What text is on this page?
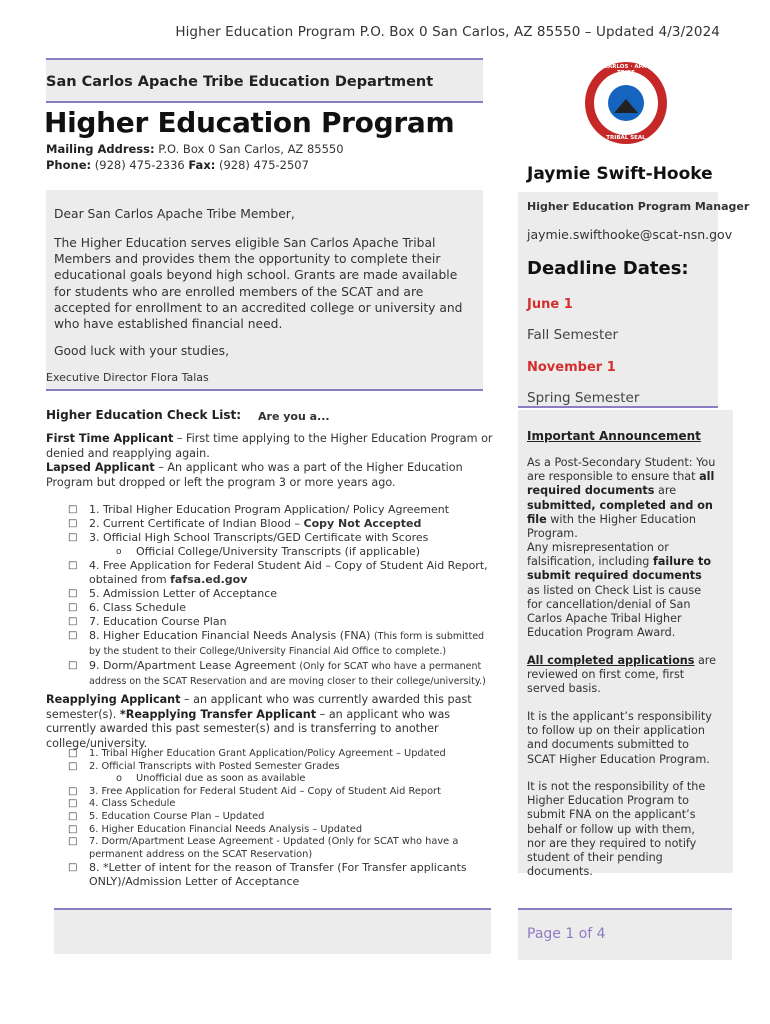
Higher Education Program P.O. Box 0 San Carlos, AZ 85550 – Updated 4/3/2024
San Carlos Apache Tribe Education Department
Higher Education Program
Mailing Address: P.O. Box 0 San Carlos, AZ 85550
Phone: (928) 475-2336 Fax: (928) 475-2507
Dear San Carlos Apache Tribe Member,
The Higher Education serves eligible San Carlos Apache Tribal Members and provides them the opportunity to complete their educational goals beyond high school. Grants are made available for students who are enrolled members of the SCAT and are accepted for enrollment to an accredited college or university and who have established financial need.
Good luck with your studies,
Executive Director Flora Talas
SAN CARLOS · APACHE ·
TRIBAL SEAL
Jaymie Swift-Hooke
Higher Education Program Manager
jaymie.swifthooke@scat-nsn.gov
Deadline Dates:
June 1
Fall Semester
November 1
Spring Semester
Higher Education Check List: Are you a...
First Time Applicant – First time applying to the Higher Education Program or denied and reapplying again.
Lapsed Applicant – An applicant who was a part of the Higher Education Program but dropped or left the program 3 or more years ago.
□	1. Tribal Higher Education Program Application/ Policy Agreement
□	2. Current Certificate of Indian Blood – Copy Not Accepted
□	3. Official High School Transcripts/GED Certificate with Scores
o	Official College/University Transcripts (if applicable)
□	4. Free Application for Federal Student Aid – Copy of Student Aid Report, obtained from fafsa.ed.gov
□	5. Admission Letter of Acceptance
□	6. Class Schedule
□	7. Education Course Plan
□	8. Higher Education Financial Needs Analysis (FNA) (This form is submitted by the student to their College/University Financial Aid Office to complete.)
□	9. Dorm/Apartment Lease Agreement (Only for SCAT who have a permanent address on the SCAT Reservation and are moving closer to their college/university.)
Reapplying Applicant – an applicant who was currently awarded this past semester(s). *Reapplying Transfer Applicant – an applicant who was currently awarded this past semester(s) and is transferring to another college/university.
□	1. Tribal Higher Education Grant Application/Policy Agreement – Updated
□	2. Official Transcripts with Posted Semester Grades
o	Unofficial due as soon as available
□	3. Free Application for Federal Student Aid – Copy of Student Aid Report
□	4. Class Schedule
□	5. Education Course Plan – Updated
□	6. Higher Education Financial Needs Analysis – Updated
□	7. Dorm/Apartment Lease Agreement - Updated (Only for SCAT who have a permanent address on the SCAT Reservation)
□	8. *Letter of intent for the reason of Transfer (For Transfer applicants ONLY)/Admission Letter of Acceptance
Important Announcement
As a Post-Secondary Student: You are responsible to ensure that all required documents are submitted, completed and on file with the Higher Education Program.
Any misrepresentation or falsification, including failure to submit required documents as listed on Check List is cause for cancellation/denial of San Carlos Apache Tribal Higher Education Program Award.
All completed applications are reviewed on first come, first served basis.
It is the applicant’s responsibility to follow up on their application and documents submitted to SCAT Higher Education Program.
It is not the responsibility of the Higher Education Program to submit FNA on the applicant’s behalf or follow up with them, nor are they required to notify student of their pending documents.
Page 1 of 4
